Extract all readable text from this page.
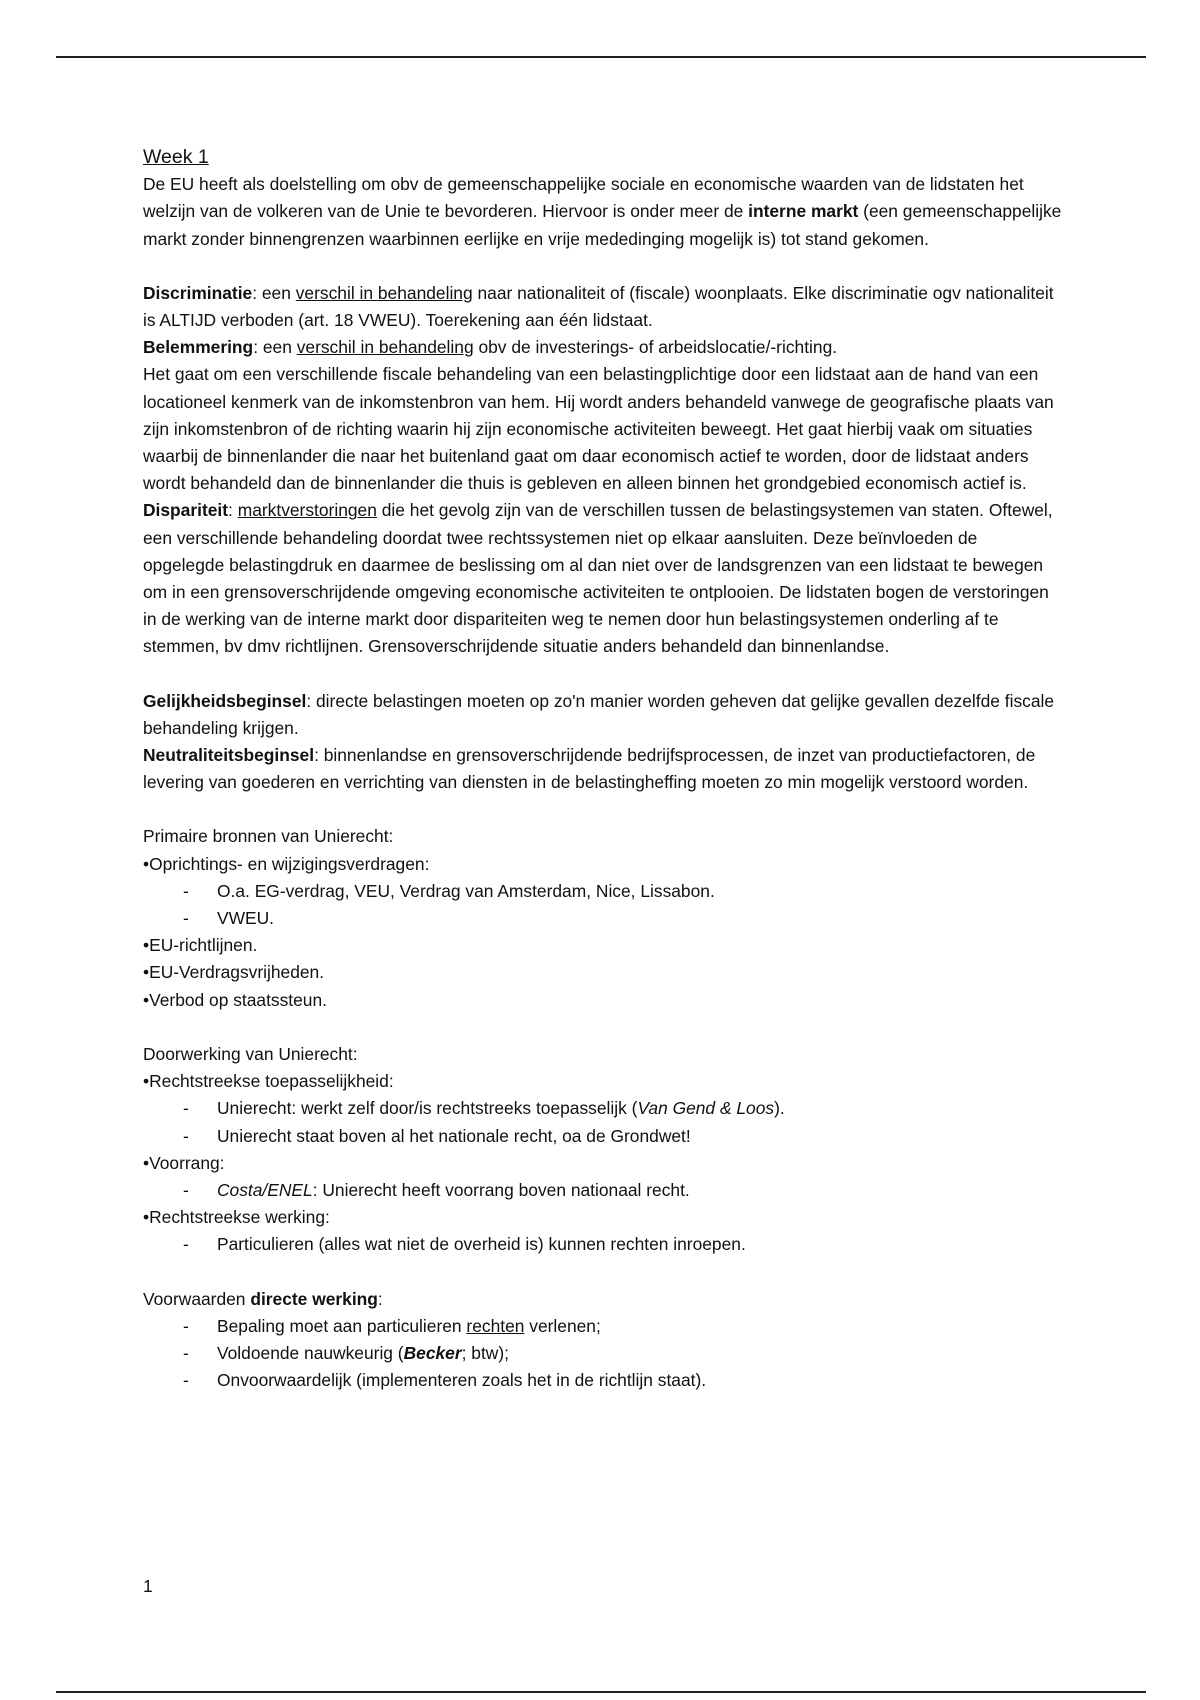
Week 1

De EU heeft als doelstelling om obv de gemeenschappelijke sociale en economische waarden van de lidstaten het welzijn van de volkeren van de Unie te bevorderen. Hiervoor is onder meer de interne markt (een gemeenschappelijke markt zonder binnengrenzen waarbinnen eerlijke en vrije mededinging mogelijk is) tot stand gekomen.

Discriminatie: een verschil in behandeling naar nationaliteit of (fiscale) woonplaats. Elke discriminatie ogv nationaliteit is ALTIJD verboden (art. 18 VWEU). Toerekening aan één lidstaat.

Belemmering: een verschil in behandeling obv de investerings- of arbeidslocatie/-richting.

Het gaat om een verschillende fiscale behandeling van een belastingplichtige door een lidstaat aan de hand van een locationeel kenmerk van de inkomstenbron van hem. Hij wordt anders behandeld vanwege de geografische plaats van zijn inkomstenbron of de richting waarin hij zijn economische activiteiten beweegt. Het gaat hierbij vaak om situaties waarbij de binnenlander die naar het buitenland gaat om daar economisch actief te worden, door de lidstaat anders wordt behandeld dan de binnenlander die thuis is gebleven en alleen binnen het grondgebied economisch actief is.

Dispariteit: marktverstoringen die het gevolg zijn van de verschillen tussen de belastingsystemen van staten. Oftewel, een verschillende behandeling doordat twee rechtssystemen niet op elkaar aansluiten. Deze beïnvloeden de opgelegde belastingdruk en daarmee de beslissing om al dan niet over de landsgrenzen van een lidstaat te bewegen om in een grensoverschrijdende omgeving economische activiteiten te ontplooien. De lidstaten bogen de verstoringen in de werking van de interne markt door dispariteiten weg te nemen door hun belastingsystemen onderling af te stemmen, bv dmv richtlijnen. Grensoverschrijdende situatie anders behandeld dan binnenlandse.

Gelijkheidsbeginsel: directe belastingen moeten op zo'n manier worden geheven dat gelijke gevallen dezelfde fiscale behandeling krijgen.

Neutraliteitsbeginsel: binnenlandse en grensoverschrijdende bedrijfsprocessen, de inzet van productiefactoren, de levering van goederen en verrichting van diensten in de belastingheffing moeten zo min mogelijk verstoord worden.

Primaire bronnen van Unierecht:

•Oprichtings- en wijzigingsverdragen:

- O.a. EG-verdrag, VEU, Verdrag van Amsterdam, Nice, Lissabon.

- VWEU.

•EU-richtlijnen.

•EU-Verdragsvrijheden.

•Verbod op staatssteun.

Doorwerking van Unierecht:

•Rechtstreekse toepasselijkheid:

- Unierecht: werkt zelf door/is rechtstreeks toepasselijk (Van Gend & Loos).

- Unierecht staat boven al het nationale recht, oa de Grondwet!

•Voorrang:

- Costa/ENEL: Unierecht heeft voorrang boven nationaal recht.

•Rechtstreekse werking:

- Particulieren (alles wat niet de overheid is) kunnen rechten inroepen.

Voorwaarden directe werking:

- Bepaling moet aan particulieren rechten verlenen;

- Voldoende nauwkeurig (Becker; btw);

- Onvoorwaardelijk (implementeren zoals het in de richtlijn staat).

1
